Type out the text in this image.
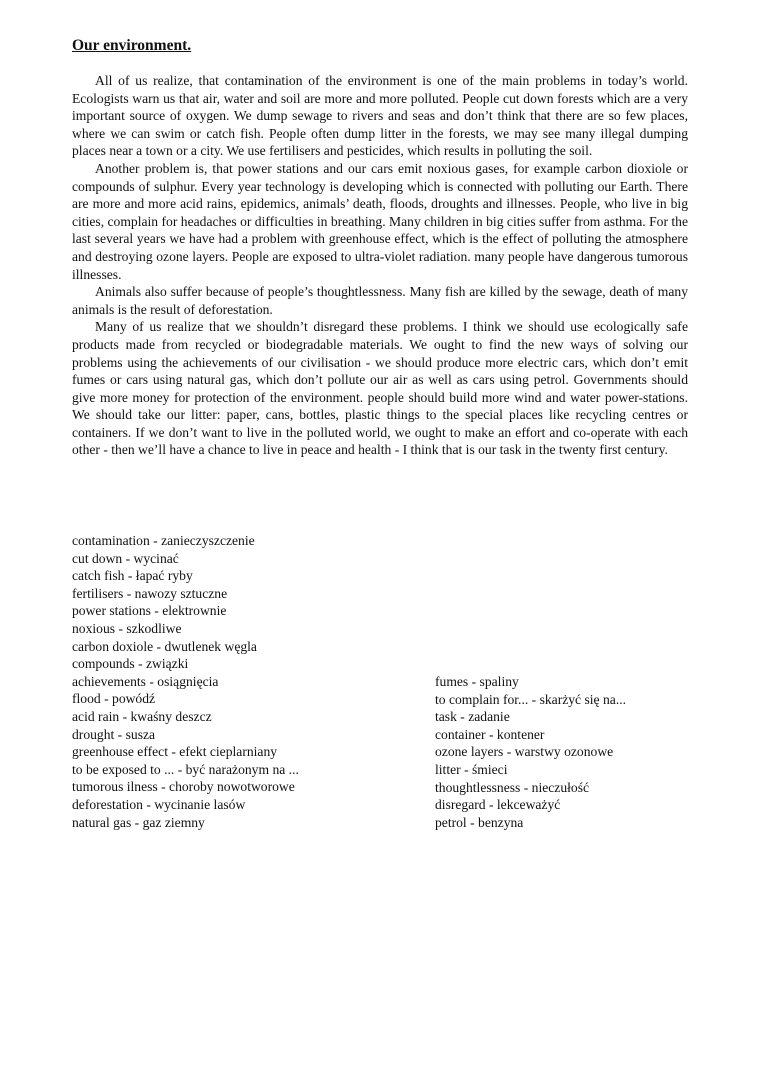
Our environment.

All of us realize, that contamination of the environment is one of the main problems in today’s world. Ecologists warn us that air, water and soil are more and more polluted. People cut down forests which are a very important source of oxygen. We dump sewage to rivers and seas and don’t think that there are so few places, where we can swim or catch fish. People often dump litter in the forests, we may see many illegal dumping places near a town or a city. We use fertilisers and pesticides, which results in polluting the soil.

Another problem is, that power stations and our cars emit noxious gases, for example carbon dioxiole or compounds of sulphur. Every year technology is developing which is connected with polluting our Earth. There are more and more acid rains, epidemics, animals’ death, floods, droughts and illnesses. People, who live in big cities, complain for headaches or difficulties in breathing. Many children in big cities suffer from asthma. For the last several years we have had a problem with greenhouse effect, which is the effect of polluting the atmosphere and destroying ozone layers. People are exposed to ultra-violet radiation. many people have dangerous tumorous illnesses.

Animals also suffer because of people’s thoughtlessness. Many fish are killed by the sewage, death of many animals is the result of deforestation.

Many of us realize that we shouldn’t disregard these problems. I think we should use ecologically safe products made from recycled or biodegradable materials. We ought to find the new ways of solving our problems using the achievements of our civilisation - we should produce more electric cars, which don’t emit fumes or cars using natural gas, which don’t pollute our air as well as cars using petrol. Governments should give more money for protection of the environment. people should build more wind and water power-stations. We should take our litter: paper, cans, bottles, plastic things to the special places like recycling centres or containers. If we don’t want to live in the polluted world, we ought to make an effort and co-operate with each other - then we’ll have a chance to live in peace and health - I think that is our task in the twenty first century.

contamination - zanieczyszczenie
cut down - wycinać
catch fish - łapać ryby
fertilisers - nawozy sztuczne
power stations - elektrownie
noxious - szkodliwe
carbon doxiole - dwutlenek węgla
compounds - związki
achievements - osiągnięcia
flood - powódź
acid rain - kwaśny deszcz
drought - susza
greenhouse effect - efekt cieplarniany
to be exposed to ... - być narażonym na ...
tumorous ilness - choroby nowotworowe
deforestation - wycinanie lasów
natural gas - gaz ziemny
fumes - spaliny
to complain for... - skarżyć się na...
task - zadanie
container - kontener
ozone layers - warstwy ozonowe
litter - śmieci
thoughtlessness - nieczułość
disregard - lekceważyć
petrol - benzyna
